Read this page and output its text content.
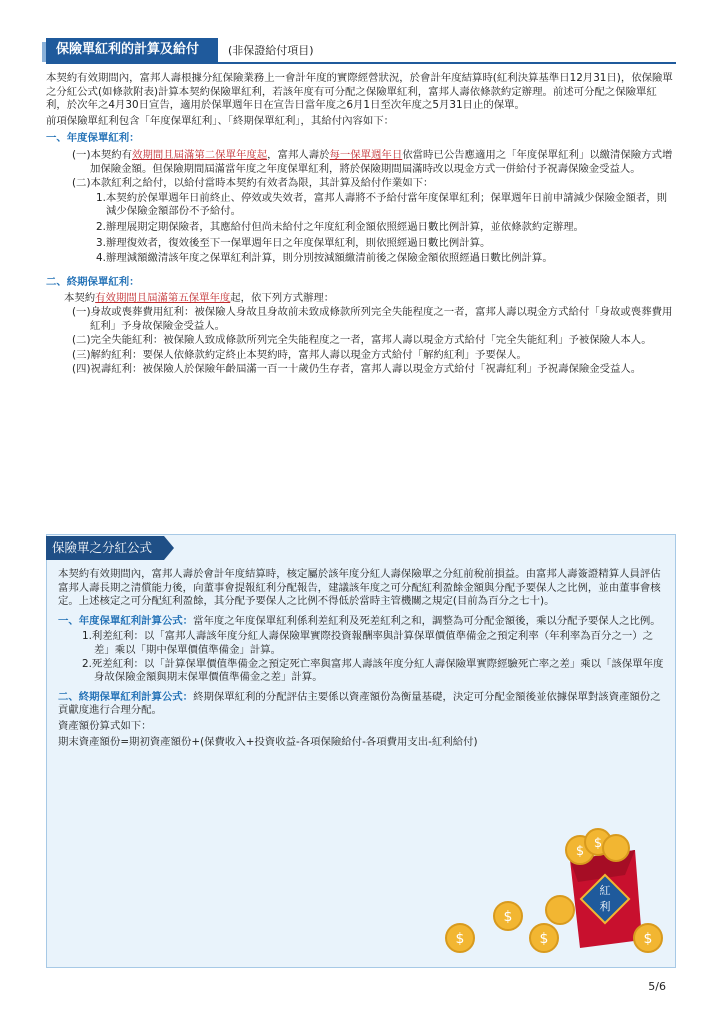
保險單紅利的計算及給付	(非保證給付項目)

本契約有效期間內，富邦人壽根據分紅保險業務上一會計年度的實際經營狀況，於會計年度結算時(紅利決算基準日12月31日)，依保險單之分紅公式(如條款附表)計算本契約保險單紅利，若該年度有可分配之保險單紅利，富邦人壽依條款約定辦理。前述可分配之保險單紅利，於次年之4月30日宣告，適用於保單週年日在宣告日當年度之6月1日至次年度之5月31日止的保單。

前項保險單紅利包含「年度保單紅利」、「終期保單紅利」，其給付內容如下：

一、年度保單紅利：

(一)本契約有效期間且屆滿第二保單年度起，富邦人壽於每一保單週年日依當時已公告應適用之「年度保單紅利」以繳清保險方式增加保險金額。但保險期間屆滿當年度之年度保單紅利，將於保險期間屆滿時改以現金方式一併給付予祝壽保險金受益人。

(二)本款紅利之給付，以給付當時本契約有效者為限，其計算及給付作業如下：

1.本契約於保單週年日前終止、停效或失效者，富邦人壽將不予給付當年度保單紅利；保單週年日前申請減少保險金額者，則減少保險金額部份不予給付。

2.辦理展期定期保險者，其應給付但尚未給付之年度紅利金額依照經過日數比例計算，並依條款約定辦理。

3.辦理復效者，復效後至下一保單週年日之年度保單紅利，則依照經過日數比例計算。

4.辦理減額繳清該年度之保單紅利計算，則分別按減額繳清前後之保險金額依照經過日數比例計算。

二、終期保單紅利：

本契約有效期間且屆滿第五保單年度起，依下列方式辦理：

(一)身故或喪葬費用紅利：被保險人身故且身故前未致成條款所列完全失能程度之一者，富邦人壽以現金方式給付「身故或喪葬費用紅利」予身故保險金受益人。

(二)完全失能紅利：被保險人致成條款所列完全失能程度之一者，富邦人壽以現金方式給付「完全失能紅利」予被保險人本人。

(三)解約紅利：要保人依條款約定終止本契約時，富邦人壽以現金方式給付「解約紅利」予要保人。

(四)祝壽紅利：被保險人於保險年齡屆滿一百一十歲仍生存者，富邦人壽以現金方式給付「祝壽紅利」予祝壽保險金受益人。

保險單之分紅公式

本契約有效期間內，富邦人壽於會計年度結算時，核定屬於該年度分紅人壽保險單之分紅前稅前損益。由富邦人壽簽證精算人員評估富邦人壽長期之清償能力後，向董事會提報紅利分配報告，建議該年度之可分配紅利盈餘金額與分配予要保人之比例，並由董事會核定。上述核定之可分配紅利盈餘，其分配予要保人之比例不得低於當時主管機關之規定(目前為百分之七十)。

一、年度保單紅利計算公式：當年度之年度保單紅利係利差紅利及死差紅利之和，調整為可分配金額後，乘以分配予要保人之比例。

1.利差紅利：以「富邦人壽該年度分紅人壽保險單實際投資報酬率與計算保單價值準備金之預定利率（年利率為百分之一）之差」乘以「期中保單價值準備金」計算。

2.死差紅利：以「計算保單價值準備金之預定死亡率與富邦人壽該年度分紅人壽保險單實際經驗死亡率之差」乘以「該保單年度身故保險金額與期末保單價值準備金之差」計算。

二、終期保單紅利計算公式：終期保單紅利的分配評估主要係以資產額份為衡量基礎，決定可分配金額後並依據保單對該資產額份之貢獻度進行合理分配。

資產額份算式如下：

期末資產額份=期初資產額份+(保費收入+投資收益-各項保險給付-各項費用支出-紅利給付)

$
$
$
紅
利
$
$
$
5/6
